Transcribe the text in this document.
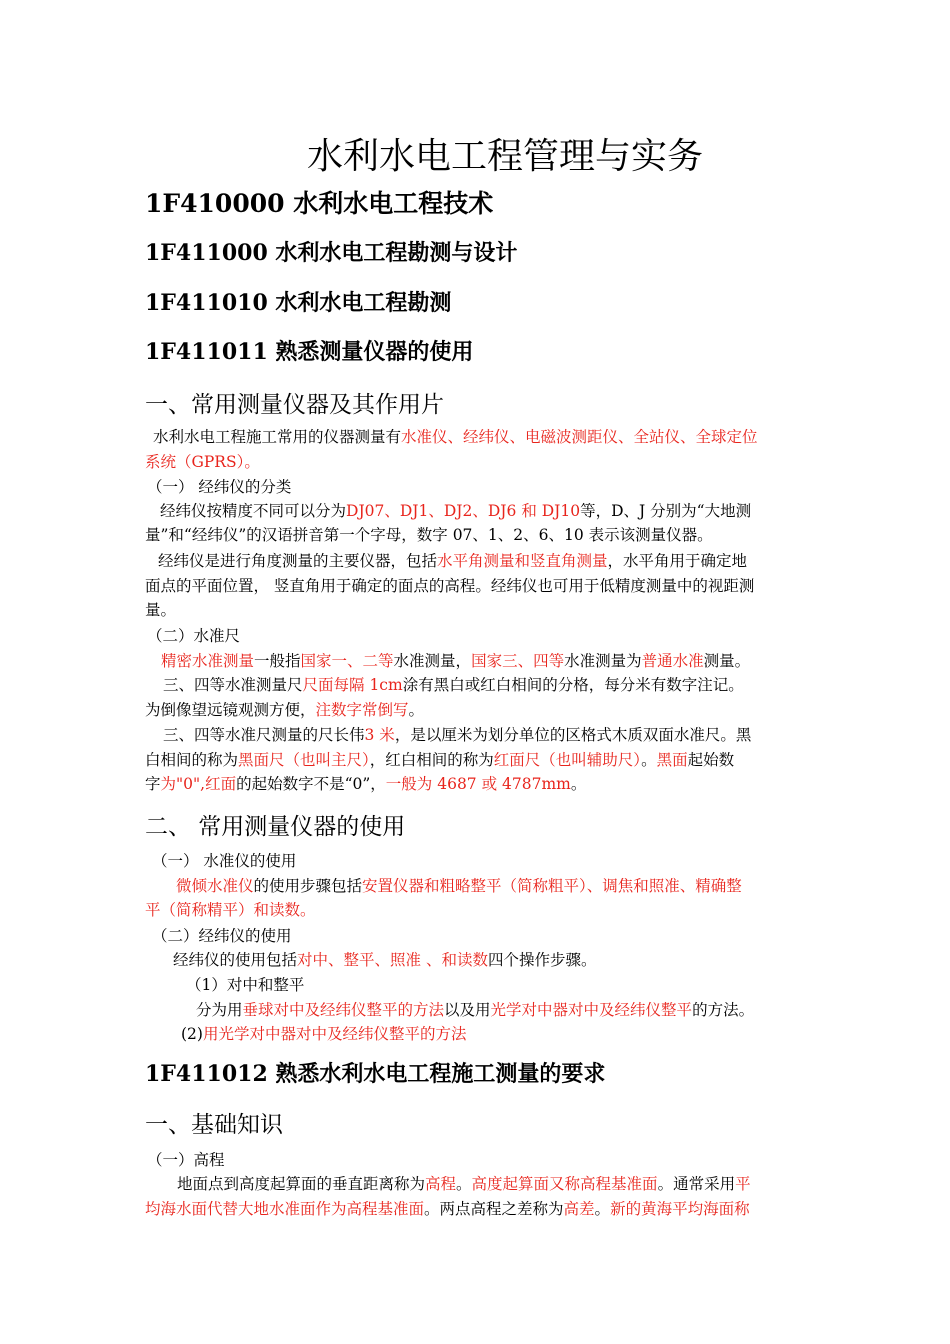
水利水电工程管理与实务
1F410000 水利水电工程技术
1F411000 水利水电工程勘测与设计
1F411010 水利水电工程勘测
1F411011 熟悉测量仪器的使用
一、常用测量仪器及其作用片
水利水电工程施工常用的仪器测量有水准仪、经纬仪、电磁波测距仪、全站仪、全球定位
系统（GPRS）。
（一） 经纬仪的分类
经纬仪按精度不同可以分为DJ07、DJ1、DJ2、DJ6 和 DJ10等，D、J 分别为“大地测
量”和“经纬仪”的汉语拼音第一个字母，数字 07、1、2、6、10 表示该测量仪器。
经纬仪是进行角度测量的主要仪器，包括水平角测量和竖直角测量，水平角用于确定地
面点的平面位置， 竖直角用于确定的面点的高程。经纬仪也可用于低精度测量中的视距测
量。
（二）水准尺
精密水准测量一般指国家一、二等水准测量，国家三、四等水准测量为普通水准测量。
三、四等水准测量尺尺面每隔 1cm涂有黑白或红白相间的分格，每分米有数字注记。
为倒像望远镜观测方便，注数字常倒写。
三、四等水准尺测量的尺长伟3 米，是以厘米为划分单位的区格式木质双面水准尺。黑
白相间的称为黑面尺（也叫主尺），红白相间的称为红面尺（也叫辅助尺）。黑面起始数
字为"0",红面的起始数字不是“0”，一般为 4687 或 4787mm。
二、 常用测量仪器的使用
（一） 水准仪的使用
微倾水准仪的使用步骤包括安置仪器和粗略整平（简称粗平）、调焦和照准、精确整
平（简称精平）和读数。
（二）经纬仪的使用
经纬仪的使用包括对中、整平、照准 、和读数四个操作步骤。
（1）对中和整平
分为用垂球对中及经纬仪整平的方法以及用光学对中器对中及经纬仪整平的方法。
(2)用光学对中器对中及经纬仪整平的方法
1F411012 熟悉水利水电工程施工测量的要求
一、基础知识
（一）高程
地面点到高度起算面的垂直距离称为高程。高度起算面又称高程基准面。通常采用平
均海水面代替大地水准面作为高程基准面。两点高程之差称为高差。新的黄海平均海面称
